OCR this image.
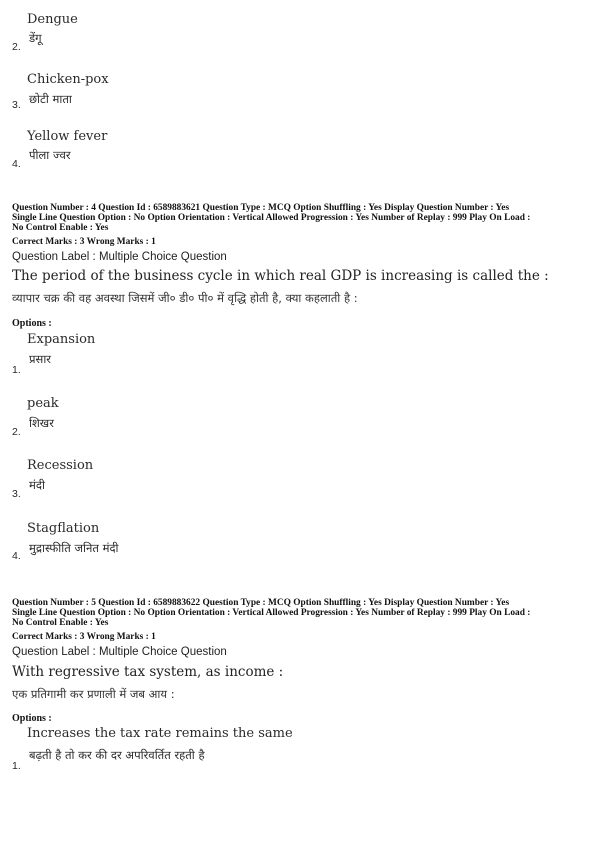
Dengue
डेंगू
2.
Chicken-pox
छोटी माता
3.
Yellow fever
पीला ज्वर
4.
Question Number : 4 Question Id : 6589883621 Question Type : MCQ Option Shuffling : Yes Display Question Number : Yes
Single Line Question Option : No Option Orientation : Vertical Allowed Progression : Yes Number of Replay : 999 Play On Load :
No Control Enable : Yes
Correct Marks : 3 Wrong Marks : 1
Question Label : Multiple Choice Question
The period of the business cycle in which real GDP is increasing is called the :
व्यापार चक्र की वह अवस्था जिसमें जी० डी० पी० में वृद्धि होती है, क्या कहलाती है :
Options :
Expansion
प्रसार
1.
peak
शिखर
2.
Recession
मंदी
3.
Stagflation
मुद्रास्फीति जनित मंदी
4.
Question Number : 5 Question Id : 6589883622 Question Type : MCQ Option Shuffling : Yes Display Question Number : Yes
Single Line Question Option : No Option Orientation : Vertical Allowed Progression : Yes Number of Replay : 999 Play On Load :
No Control Enable : Yes
Correct Marks : 3 Wrong Marks : 1
Question Label : Multiple Choice Question
With regressive tax system, as income :
एक प्रतिगामी कर प्रणाली में जब आय :
Options :
Increases the tax rate remains the same
बढ़ती है तो कर की दर अपरिवर्तित रहती है
1.
